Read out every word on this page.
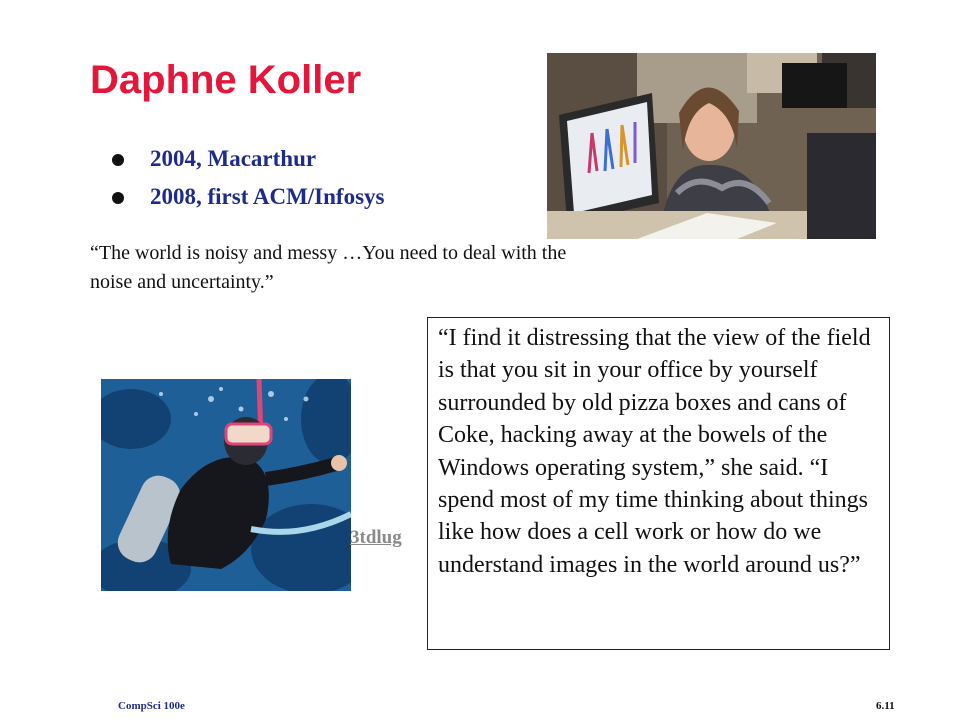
Daphne Koller
2004, Macarthur
2008, first ACM/Infosys
“The world is noisy and messy …You need to deal with the noise and uncertainty.”
3tdlug
“I find it distressing that the view of the field is that you sit in your office by yourself surrounded by old pizza boxes and cans of Coke, hacking away at the bowels of the Windows operating system,” she said. “I spend most of my time thinking about things like how does a cell work or how do we understand images in the world around us?”
CompSci 100e	6.11
